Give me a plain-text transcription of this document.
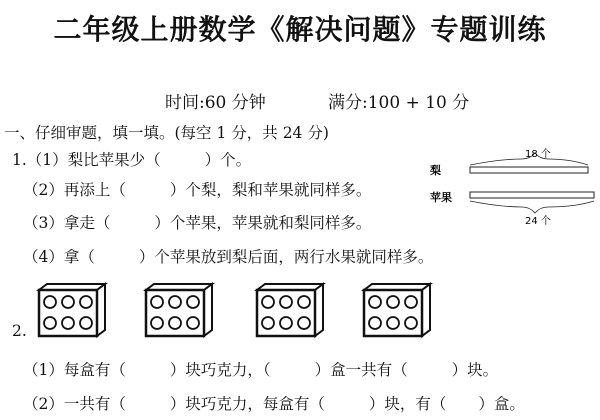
二年级上册数学《解决问题》专题训练
时间:60 分钟	满分:100 + 10 分
一、仔细审题，填一填。(每空 1 分，共 24 分)
1.（1）梨比苹果少（	）个。
（2）再添上（	）个梨，梨和苹果就同样多。
（3）拿走（	）个苹果，苹果就和梨同样多。
（4）拿（	）个苹果放到梨后面，两行水果就同样多。
梨
苹果
18 个
24 个
2.
（1）每盒有（	）块巧克力，（	）盒一共有（	）块。
（2）一共有（	）块巧克力，每盒有（	）块，有（ ）盒。
